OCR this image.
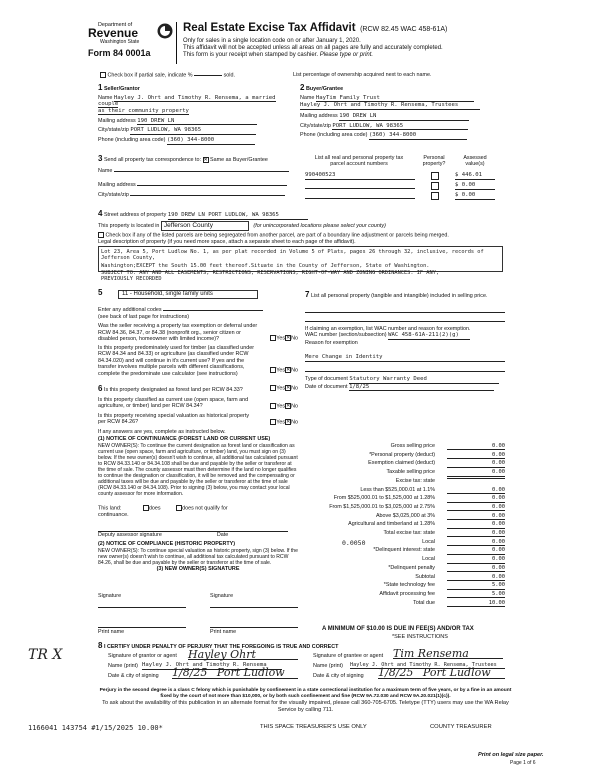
Department of
Revenue
Washington State
Form 84 0001a
Real Estate Excise Tax Affidavit (RCW 82.45 WAC 458-61A)
Only for sales in a single location code on or after January 1, 2020.
This affidavit will not be accepted unless all areas on all pages are fully and accurately completed.
This form is your receipt when stamped by cashier. Please type or print.
Check box if partial sale, indicate %	sold.	List percentage of ownership acquired next to each name.
1 Seller/Grantor
Name Hayley J. Ohrt and Timothy R. Rensema, a married couple
as their community property
Mailing address 190 DREW LN
City/state/zip PORT LUDLOW, WA 98365
Phone (including area code) (360) 344-8000
2 Buyer/Grantee
Name HayTim Family Trust
Hayley J. Ohrt and Timothy R. Rensema, Trustees
Mailing address 190 DREW LN
City/state/zip PORT LUDLOW, WA 98365
Phone (including area code) (360) 344-8000
3 Send all property tax correspondence to: ✕ Same as Buyer/Grantee
Name
Mailing address
City/state/zip
List all real and personal property tax parcel account numbers
Personal property?
Assessed value(s)
990400523	$ 446.01
$ 0.00
$ 0.00
4 Street address of property 190 DREW LN PORT LUDLOW, WA 98365
This property is located in Jefferson County	(for unincorporated locations please select your county)
Check box if any of the listed parcels are being segregated from another parcel, are part of a boundary line adjustment or parcels being merged.
Legal description of property (if you need more space, attach a separate sheet to each page of the affidavit).
Lot 23, Area 5, Port Ludlow No. 1, as per plat recorded in Volume 5 of Plats, pages 26 through 32, inclusive, records of Jefferson County,
Washington;EXCEPT the South 15.00 feet thereof.Situate in the County of Jefferson, State of Washington.
SUBJECT TO: ANY AND ALL EASEMENTS, RESTRICTIONS, RESERVATIONS, RIGHT-OF-WAY AND ZONING ORDINANCES. IF ANY,
PREVIOUSLY RECORDED
5	11 - Household, single family units
Enter any additional codes
(see back of last page for instructions)
Was the seller receiving a property tax exemption or deferral under RCW 84.36, 84.37, or 84.38 (nonprofit org., senior citizen or disabled person, homeowner with limited income)?	Yes✕No
Is this property predominately used for timber (as classified under RCW 84.34 and 84.33) or agriculture (as classified under RCW 84.34.020) and will continue in it's current use? If yes and the transfer involves multiple parcels with different classifications, complete the predominate use calculator (see instructions)
Yes✕No
6 Is this property designated as forest land per RCW 84.33?	Yes✕No
Is this property classified as current use (open space, farm and agriculture, or timber) land per RCW 84.34?	Yes✕No
Is this property receiving special valuation as historical property per RCW 84.26?	Yes✕No
If any answers are yes, complete as instructed below.
(1) NOTICE OF CONTINUANCE (FOREST LAND OR CURRENT USE)
NEW OWNER(S): To continue the current designation as forest land or classification as current use (open space, farm and agriculture, or timber) land, you must sign on (3) below. If the new owner(s) doesn't wish to continue, all additional tax calculated pursuant to RCW 84.33.140 or 84.34.108 shall be due and payable by the seller or transferor at the time of sale. The county assessor must then determine if the land no longer qualifies to continue the designation or classification, it will be removed and the compensating or additional taxes will be due and payable by the seller or transferor at the time of sale (RCW 84.33.140 or 84.34.108). Prior to signing (3) below, you may contact your local county assessor for more information.
This land:	does	does not qualify for
continuance.
Deputy assessor signature	Date
(2) NOTICE OF COMPLIANCE (HISTORIC PROPERTY)
NEW OWNER(S): To continue special valuation as historic property, sign (3) below. If the new owner(s) doesn't wish to continue, all additional tax calculated pursuant to RCW 84.26, shall be due and payable by the seller or transferor at the time of sale.
(3) NEW OWNER(S) SIGNATURE
Signature	Signature
Print name	Print name
7 List all personal property (tangible and intangible) included in selling price.
If claiming an exemption, list WAC number and reason for exemption.
WAC number (section/subsection) WAC 458-61A-211(2)(g)
Reason for exemption
Mere Change in Identity
Type of document Statutory Warranty Deed
Date of document 1/8/25
Gross selling price	0.00
*Personal property (deduct)	0.00
Exemption claimed (deduct)	0.00
Taxable selling price	0.00
Excise tax: state
Less than $525,000.01 at 1.1%	0.00
From $525,000.01 to $1,525,000 at 1.28%	0.00
From $1,525,000.01 to $3,025,000 at 2.75%	0.00
Above $3,025,000 at 3%	0.00
Agricultural and timberland at 1.28%	0.00
Total excise tax: state	0.00
Local	0.00
*Delinquent interest: state	0.00
Local	0.00
*Delinquent penalty	0.00
Subtotal	0.00
*State technology fee	5.00
Affidavit processing fee	5.00
Total due	10.00
0.0050
A MINIMUM OF $10.00 IS DUE IN FEE(S) AND/OR TAX
*SEE INSTRUCTIONS
8 I CERTIFY UNDER PENALTY OF PERJURY THAT THE FOREGOING IS TRUE AND CORRECT
Signature of grantor or agent Hayley Ohrt
Name (print) Hayley J. Ohrt and Timothy R. Rensema
Date & city of signing 1/8/25 Port Ludlow
Signature of grantee or agent Tim Rensema
Name (print) Hayley J. Ohrt and Timothy R. Rensema, Trustees
Date & city of signing 1/8/25 Port Ludlow
TR X
Perjury in the second degree is a class C felony which is punishable by confinement in a state correctional institution for a maximum term of five years, or by a fine in an amount fixed by the court of not more than $10,000, or by both such confinement and fine (RCW 9A.72.030 and RCW 9A.20.021(1)(c)).
To ask about the availability of this publication in an alternate format for the visually impaired, please call 360-705-6705. Teletype (TTY) users may use the WA Relay Service by calling 711.
1166041 143754 #1/15/2025 10.00*	THIS SPACE TREASURER'S USE ONLY	COUNTY TREASURER
Print on legal size paper.
Page 1 of 6
